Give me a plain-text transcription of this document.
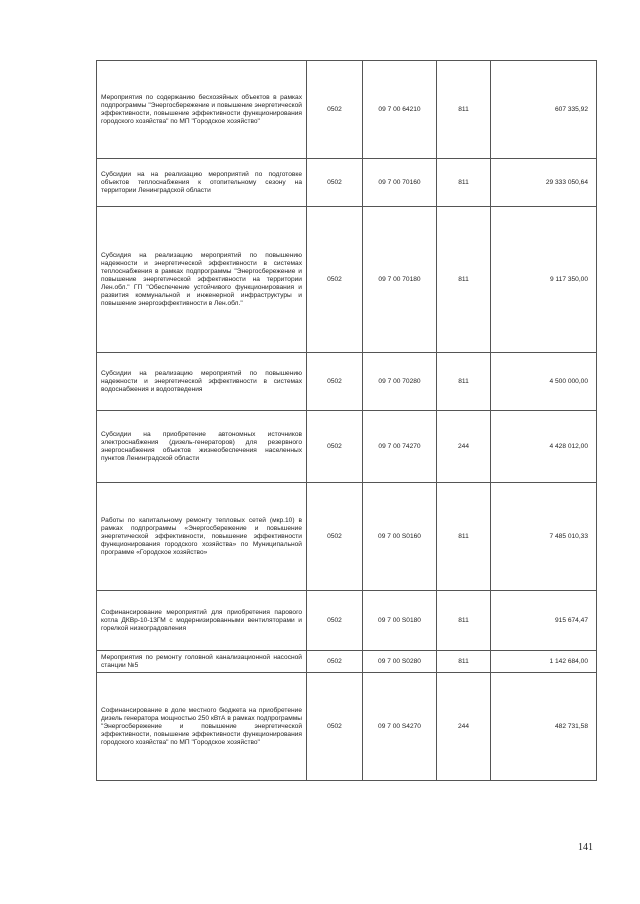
Мероприятия по содержанию бесхозяйных объектов в рамках подпрограммы "Энергосбережение и повышение энергетической эффективности, повышение эффективности функционирования городского хозяйства" по МП "Городское хозяйство"	0502	09 7 00 64210	811	607 335,92
Субсидии на на реализацию мероприятий по подготовке объектов теплоснабжения к отопительному сезону на территории Ленинградской области	0502	09 7 00 70160	811	29 333 050,64
Субсидия на реализацию мероприятий по повышению надежности и энергетической эффективности в системах теплоснабжения в рамках подпрограммы "Энергосбережение и повышение энергетической эффективности на территории Лен.обл." ГП "Обеспечение устойчивого функционирования и развития коммунальной и инженерной инфраструктуры и повышение энергоэффективности в Лен.обл."	0502	09 7 00 70180	811	9 117 350,00
Субсидии на реализацию мероприятий по повышению надежности и энергетической эффективности в системах водоснабжения и водоотведения	0502	09 7 00 70280	811	4 500 000,00
Субсидии на приобретение автономных источников электроснабжения (дизель-генераторов) для резервного энергоснабжения объектов жизнеобеспечения населенных пунктов Ленинградской области	0502	09 7 00 74270	244	4 428 012,00
Работы по капитальному ремонту тепловых сетей (мкр.10) в рамках подпрограммы «Энергосбережение и повышение энергетической эффективности, повышение эффективности функционирования городского хозяйства» по Муниципальной программе «Городское хозяйство»	0502	09 7 00 S0160	811	7 485 010,33
Софинансирование мероприятий для приобретения парового котла ДКВр-10-13ГМ с модернизированными вентиляторами и горелкой низкоградовления	0502	09 7 00 S0180	811	915 674,47
Мероприятия по ремонту головной канализационной насосной станции №5	0502	09 7 00 S0280	811	1 142 684,00
Софинансирование в доле местного бюджета на приобретение дизель генератора мощностью 250 кВтА в рамках подпрограммы "Энергосбережение и повышение энергетической эффективности, повышение эффективности функционирования городского хозяйства" по МП "Городское хозяйство"	0502	09 7 00 S4270	244	482 731,58
141
